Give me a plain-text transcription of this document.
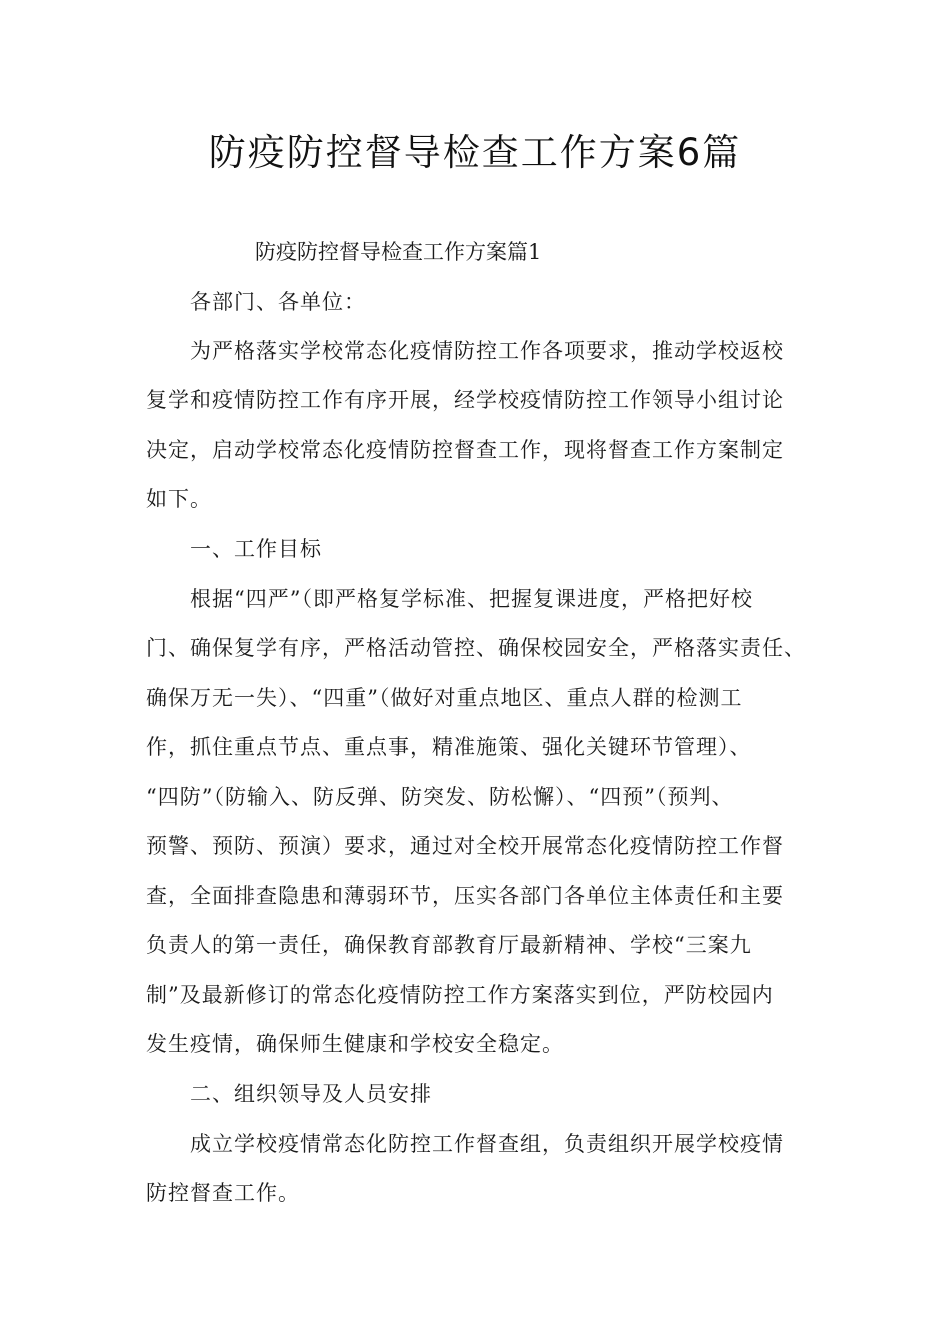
防疫防控督导检查工作方案6篇

防疫防控督导检查工作方案篇1

各部门、各单位：

为严格落实学校常态化疫情防控工作各项要求，推动学校返校

复学和疫情防控工作有序开展，经学校疫情防控工作领导小组讨论

决定，启动学校常态化疫情防控督查工作，现将督查工作方案制定

如下。

一、工作目标

根据“四严”（即严格复学标准、把握复课进度，严格把好校

门、确保复学有序，严格活动管控、确保校园安全，严格落实责任、

确保万无一失）、“四重”（做好对重点地区、重点人群的检测工

作，抓住重点节点、重点事，精准施策、强化关键环节管理）、

“四防”（防输入、防反弹、防突发、防松懈）、“四预”（预判、

预警、预防、预演）要求，通过对全校开展常态化疫情防控工作督

查，全面排查隐患和薄弱环节，压实各部门各单位主体责任和主要

负责人的第一责任，确保教育部教育厅最新精神、学校“三案九

制”及最新修订的常态化疫情防控工作方案落实到位，严防校园内

发生疫情，确保师生健康和学校安全稳定。

二、组织领导及人员安排

成立学校疫情常态化防控工作督查组，负责组织开展学校疫情

防控督查工作。
